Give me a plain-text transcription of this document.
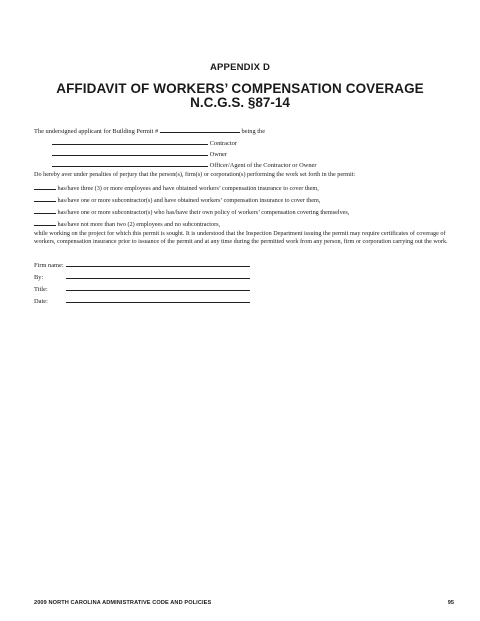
APPENDIX D
AFFIDAVIT OF WORKERS’ COMPENSATION COVERAGE
N.C.G.S. §87-14
The undersigned applicant for Building Permit #	being the
Contractor
Owner
Officer/Agent of the Contractor or Owner
Do hereby aver under penalties of perjury that the person(s), firm(s) or corporation(s) performing the work set forth in the permit:
has/have three (3) or more employees and have obtained workers’ compensation insurance to cover them,
has/have one or more subcontractor(s) and have obtained workers’ compensation insurance to cover them,
has/have one or more subcontractor(s) who has/have their own policy of workers’ compensation covering themselves,
has/have not more than two (2) employees and no subcontractors,
while working on the project for which this permit is sought. It is understood that the Inspection Department issuing the permit may require certificates of coverage of workers, compensation insurance prior to issuance of the permit and at any time during the permitted work from any person, firm or corporation carrying out the work.
Firm name:
By:
Title:
Date:
2009 NORTH CAROLINA ADMINISTRATIVE CODE AND POLICIES	95
